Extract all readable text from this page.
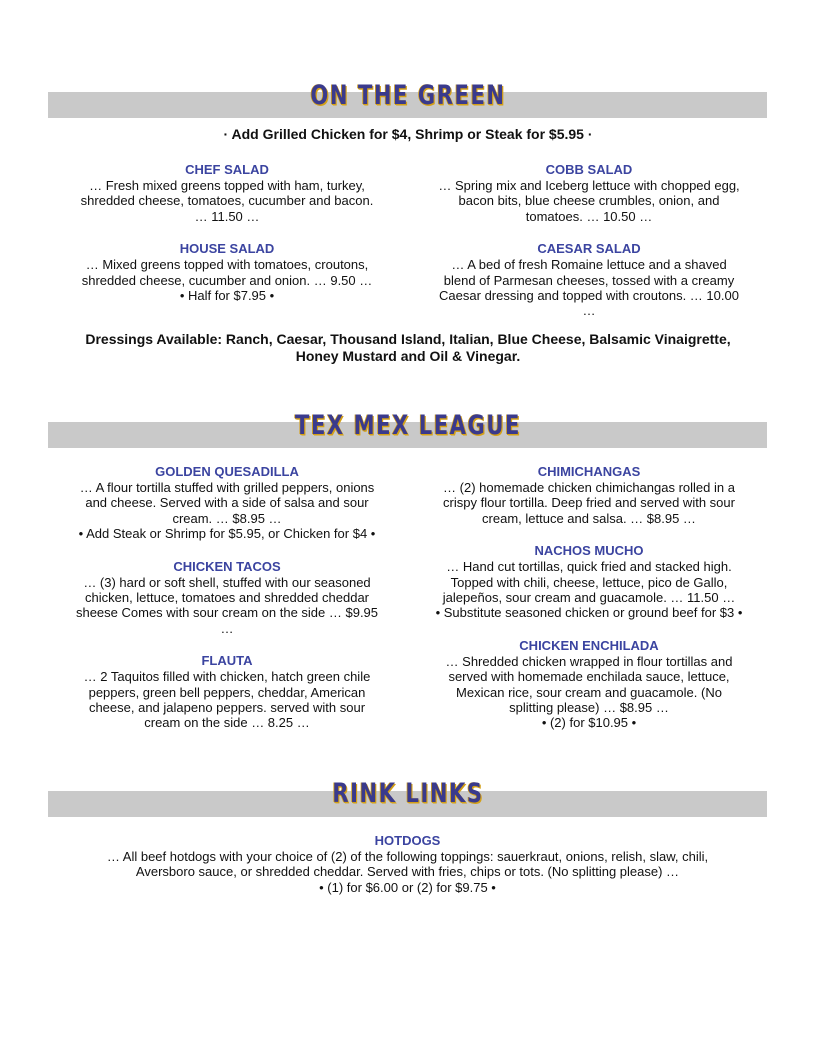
ON THE GREEN
· Add Grilled Chicken for $4, Shrimp or Steak for $5.95 ·
CHEF SALAD
… Fresh mixed greens topped with ham, turkey,
shredded cheese, tomatoes, cucumber and bacon.
… 11.50 …
HOUSE SALAD
… Mixed greens topped with tomatoes, croutons,
shredded cheese, cucumber and onion. … 9.50 …
• Half for $7.95 •
COBB SALAD
… Spring mix and Iceberg lettuce with chopped egg,
bacon bits, blue cheese crumbles, onion, and
tomatoes. … 10.50 …
CAESAR SALAD
… A bed of fresh Romaine lettuce and a shaved
blend of Parmesan cheeses, tossed with a creamy
Caesar dressing and topped with croutons. … 10.00
…
Dressings Available: Ranch, Caesar, Thousand Island, Italian, Blue Cheese, Balsamic Vinaigrette,
Honey Mustard and Oil & Vinegar.
TEX MEX LEAGUE
GOLDEN QUESADILLA
… A flour tortilla stuffed with grilled peppers, onions
and cheese. Served with a side of salsa and sour
cream. … $8.95 …
• Add Steak or Shrimp for $5.95, or Chicken for $4 •
CHICKEN TACOS
… (3) hard or soft shell, stuffed with our seasoned
chicken, lettuce, tomatoes and shredded cheddar
sheese Comes with sour cream on the side … $9.95
…
FLAUTA
… 2 Taquitos filled with chicken, hatch green chile
peppers, green bell peppers, cheddar, American
cheese, and jalapeno peppers. served with sour
cream on the side … 8.25 …
CHIMICHANGAS
… (2) homemade chicken chimichangas rolled in a
crispy flour tortilla. Deep fried and served with sour
cream, lettuce and salsa. … $8.95 …
NACHOS MUCHO
… Hand cut tortillas, quick fried and stacked high.
Topped with chili, cheese, lettuce, pico de Gallo,
jalepeños, sour cream and guacamole. … 11.50 …
• Substitute seasoned chicken or ground beef for $3 •
CHICKEN ENCHILADA
… Shredded chicken wrapped in flour tortillas and
served with homemade enchilada sauce, lettuce,
Mexican rice, sour cream and guacamole. (No
splitting please) … $8.95 …
• (2) for $10.95 •
RINK LINKS
HOTDOGS
… All beef hotdogs with your choice of (2) of the following toppings: sauerkraut, onions, relish, slaw, chili,
Aversboro sauce, or shredded cheddar. Served with fries, chips or tots. (No splitting please) …
• (1) for $6.00 or (2) for $9.75 •
